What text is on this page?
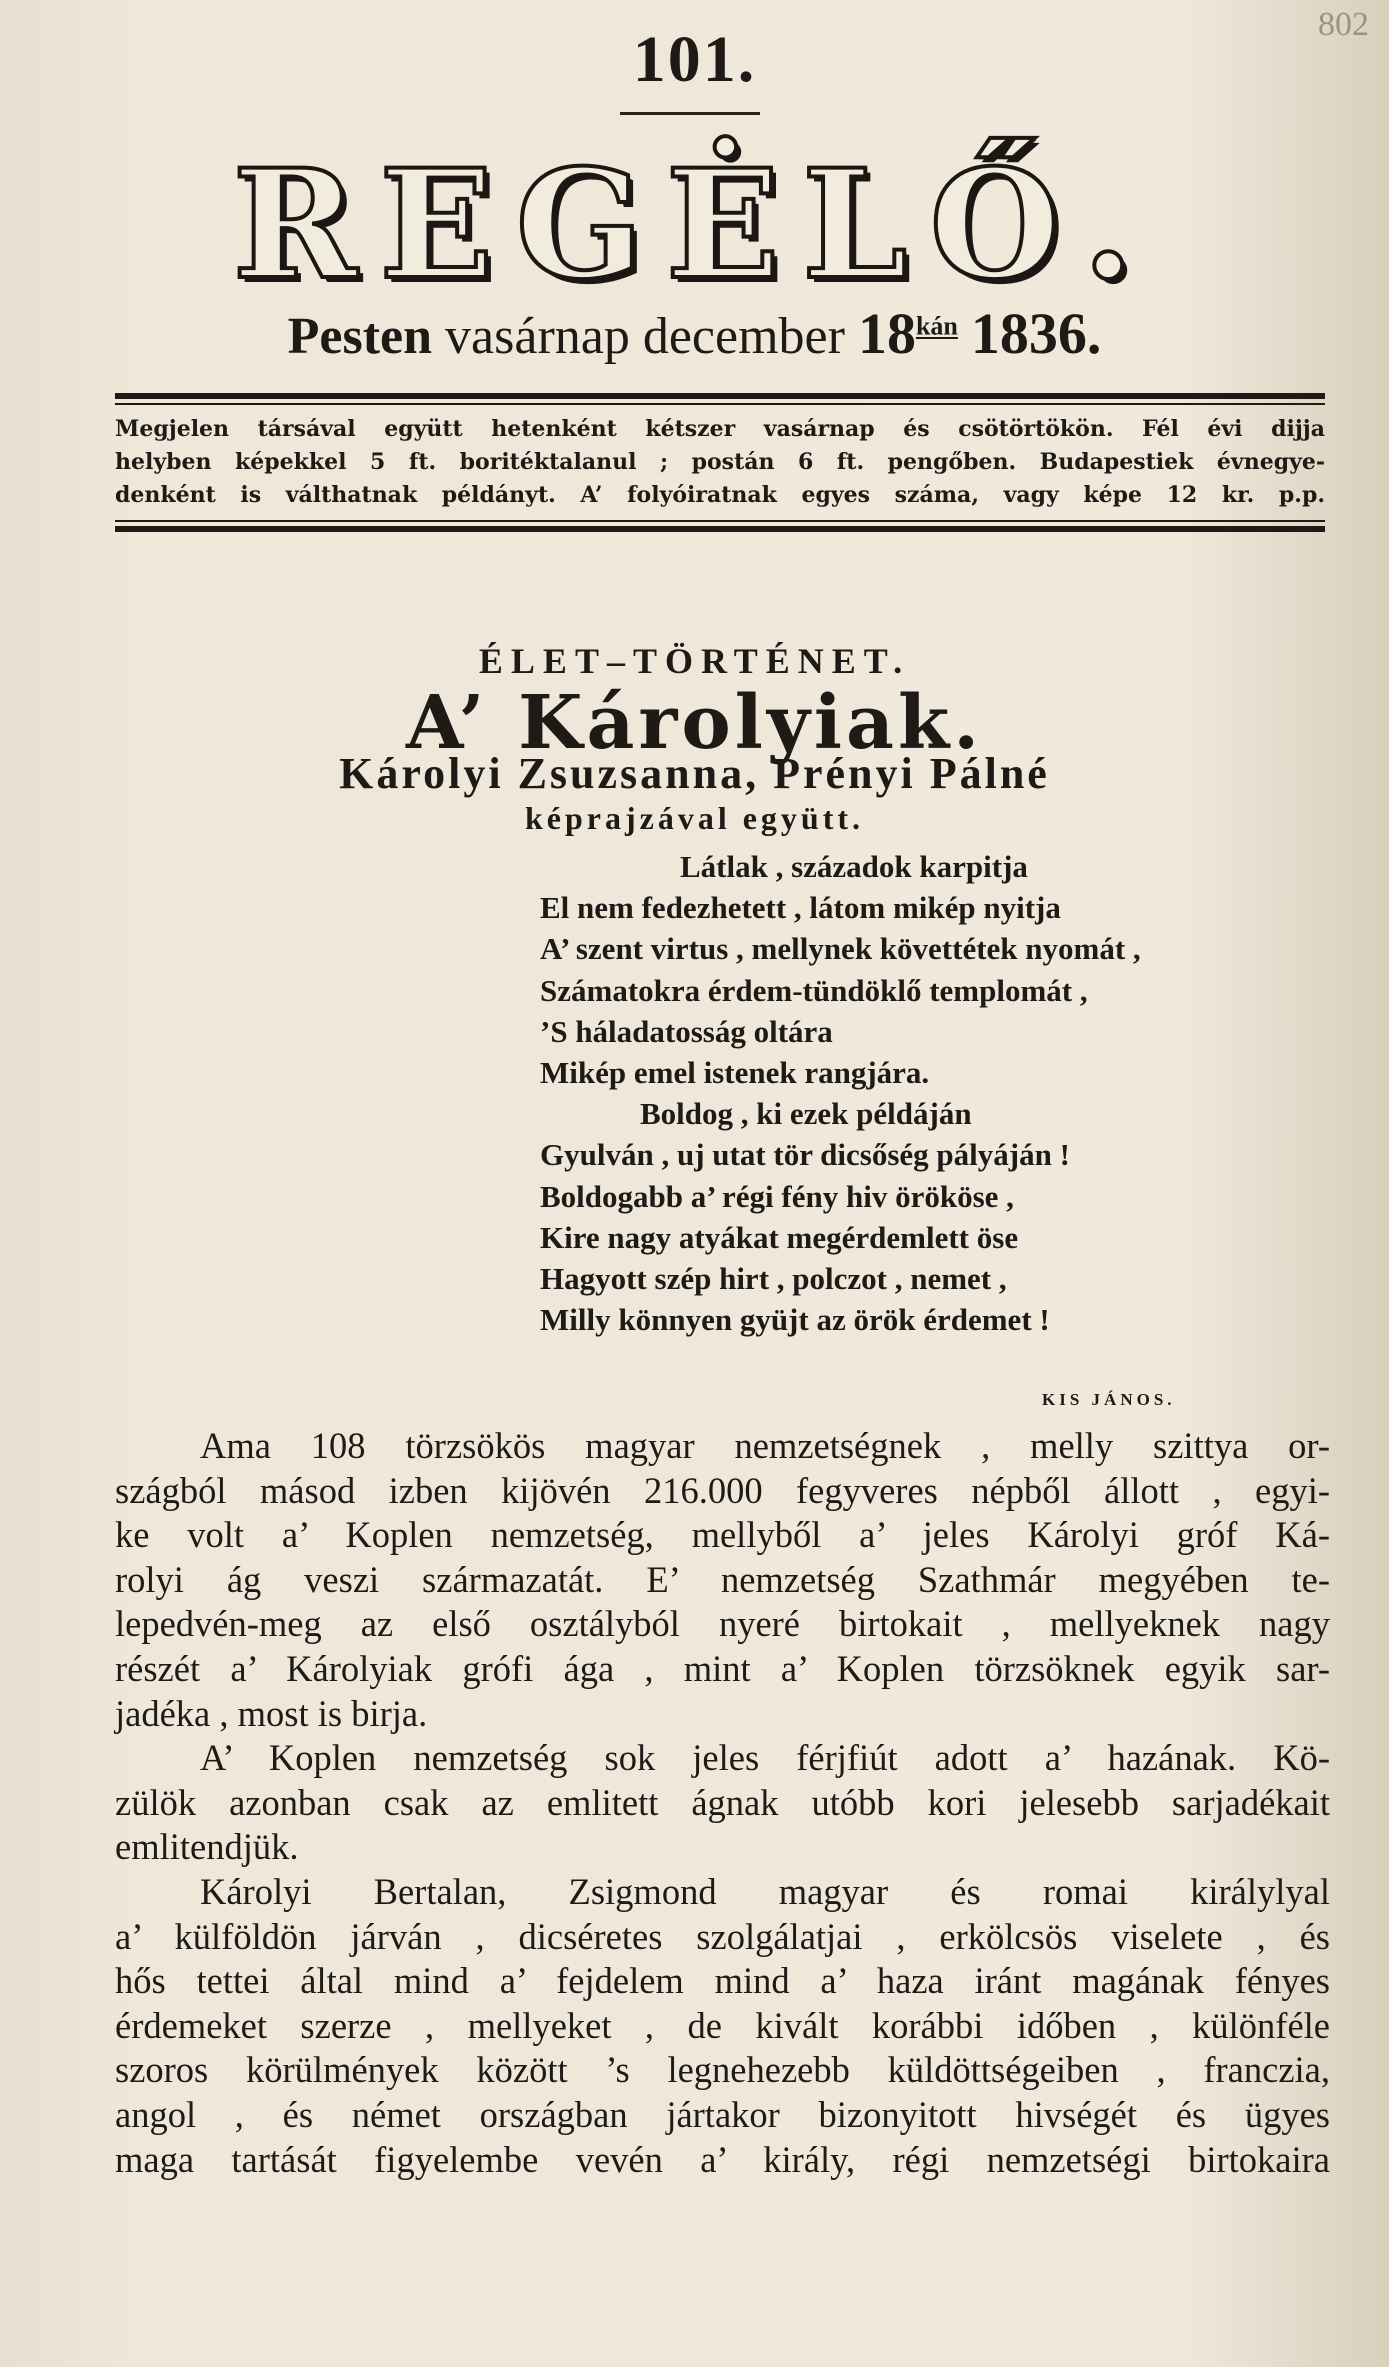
802
101.
REGĖLŐ.
Pesten vasárnap december $18^{kán}$ 1836.
Megjelen társával együtt hetenként kétszer vasárnap és csötörtökön. Fél évi dijja
helyben képekkel 5 ft. boritéktalanul ; postán 6 ft. pengőben. Budapestiek évnegye-
denként is válthatnak példányt. A’ folyóiratnak egyes száma, vagy képe 12 kr. p.p.
ÉLET–TÖRTÉNET.
A’ Károlyiak.
Károlyi Zsuzsanna, Prényi Pálné
képrajzával együtt.
Látlak , századok karpitja
El nem fedezhetett , látom mikép nyitja
A’ szent virtus , mellynek követtétek nyomát ,
Számatokra érdem-tündöklő templomát ,
’S háladatosság oltára
Mikép emel istenek rangjára.
Boldog , ki ezek példáján
Gyulván , uj utat tör dicsőség pályáján !
Boldogabb a’ régi fény hiv örököse ,
Kire nagy atyákat megérdemlett öse
Hagyott szép hirt , polczot , nemet ,
Milly könnyen gyüjt az örök érdemet !
KIS JÁNOS.
Ama 108 törzsökös magyar nemzetségnek , melly szittya or-
szágból másod izben kijövén 216.000 fegyveres népből állott , egyi-
ke volt a’ Koplen nemzetség, mellyből a’ jeles Károlyi gróf Ká-
rolyi ág veszi származatát. E’ nemzetség Szathmár megyében te-
lepedvén-meg az első osztályból nyeré birtokait , mellyeknek nagy
részét a’ Károlyiak grófi ága , mint a’ Koplen törzsöknek egyik sar-
jadéka , most is birja.
A’ Koplen nemzetség sok jeles férjfiút adott a’ hazának. Kö-
zülök azonban csak az emlitett ágnak utóbb kori jelesebb sarjadékait
emlitendjük.
Károlyi Bertalan, Zsigmond magyar és romai királylyal
a’ külföldön járván , dicséretes szolgálatjai , erkölcsös viselete , és
hős tettei által mind a’ fejdelem mind a’ haza iránt magának fényes
érdemeket szerze , mellyeket , de kivált korábbi időben , különféle
szoros körülmények között ’s legnehezebb küldöttségeiben , franczia,
angol , és német országban jártakor bizonyitott hivségét és ügyes
maga tartását figyelembe vevén a’ király, régi nemzetségi birtokaira
